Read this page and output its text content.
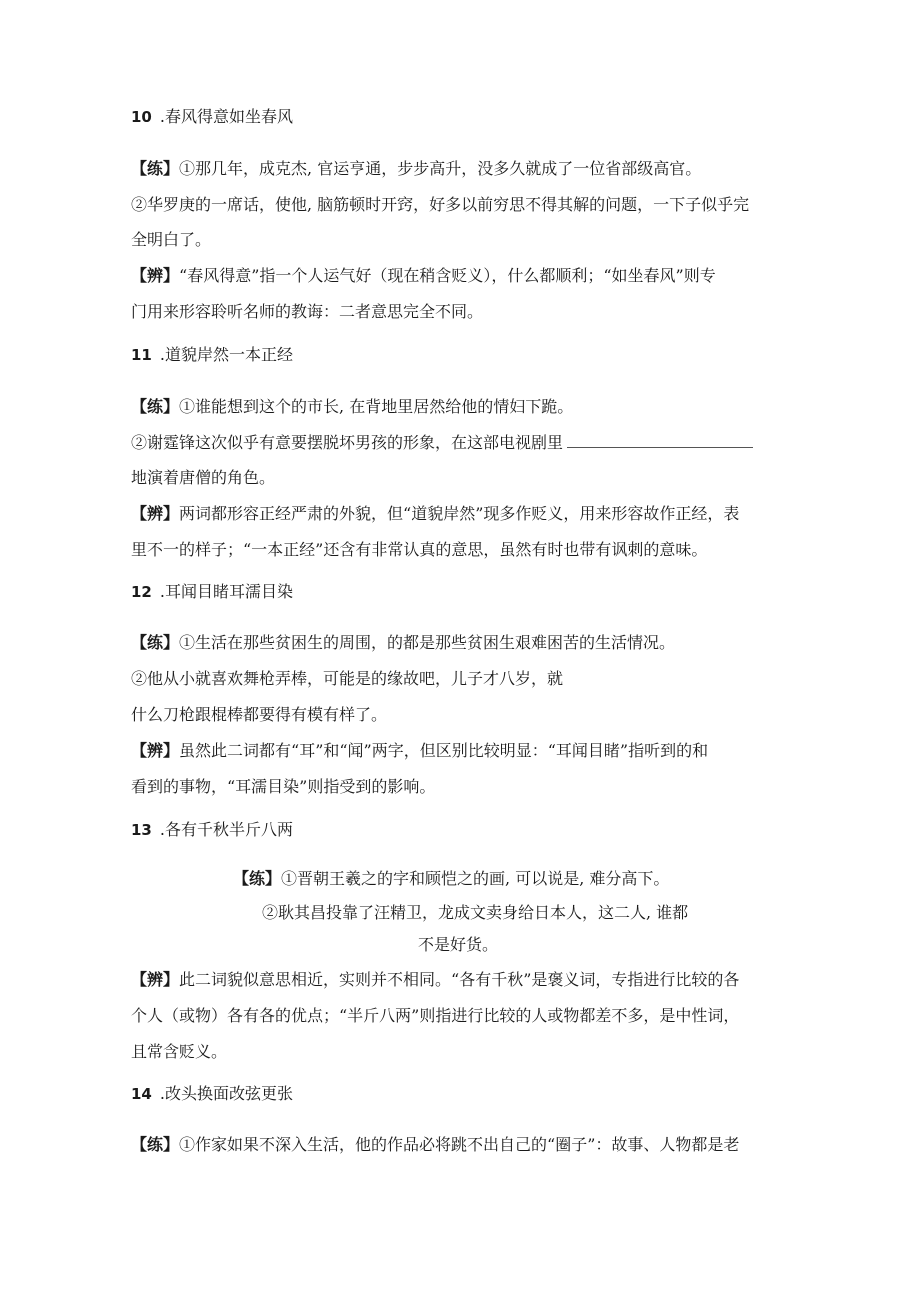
10 .春风得意如坐春风
【练】①那几年，成克杰, 官运亨通，步步高升，没多久就成了一位省部级高官。
②华罗庚的一席话，使他, 脑筋顿时开窍，好多以前穷思不得其解的问题，一下子似乎完
全明白了。
【辨】“春风得意”指一个人运气好（现在稍含贬义），什么都顺利；“如坐春风”则专
门用来形容聆听名师的教诲：二者意思完全不同。
11 .道貌岸然一本正经
【练】①谁能想到这个的市长, 在背地里居然给他的情妇下跪。
②谢霆锋这次似乎有意要摆脱坏男孩的形象，在这部电视剧里
地演着唐僧的角色。
【辨】两词都形容正经严肃的外貌，但“道貌岸然”现多作贬义，用来形容故作正经，表
里不一的样子；“一本正经”还含有非常认真的意思，虽然有时也带有讽刺的意味。
12 .耳闻目睹耳濡目染
【练】①生活在那些贫困生的周围，的都是那些贫困生艰难困苦的生活情况。
②他从小就喜欢舞枪弄棒，可能是的缘故吧，儿子才八岁，就
什么刀枪跟棍棒都要得有模有样了。
【辨】虽然此二词都有“耳”和“闻”两字，但区别比较明显：“耳闻目睹”指听到的和
看到的事物，“耳濡目染”则指受到的影响。
13 .各有千秋半斤八两
【练】①晋朝王羲之的字和顾恺之的画, 可以说是, 难分高下。
②耿其昌投靠了汪精卫，龙成文卖身给日本人，这二人, 谁都
不是好货。
【辨】此二词貌似意思相近，实则并不相同。“各有千秋”是褒义词，专指进行比较的各
个人（或物）各有各的优点；“半斤八两”则指进行比较的人或物都差不多，是中性词，
且常含贬义。
14 .改头换面改弦更张
【练】①作家如果不深入生活，他的作品必将跳不出自己的“圈子”：故事、人物都是老
